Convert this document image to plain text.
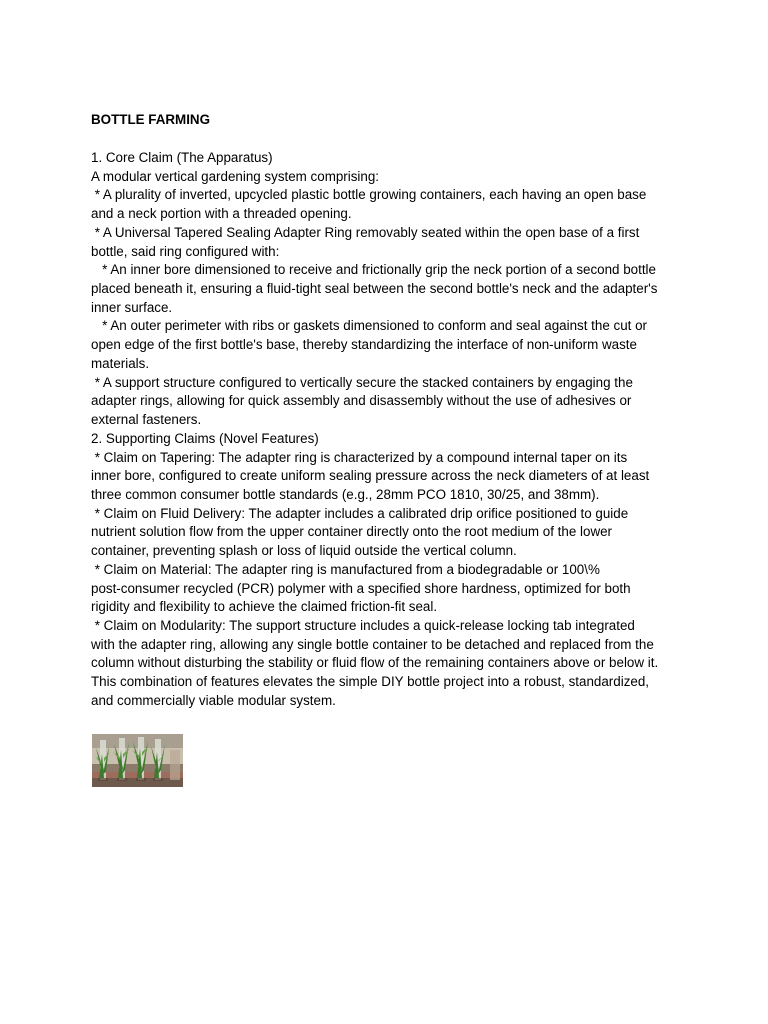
BOTTLE FARMING
1. Core Claim (The Apparatus)
A modular vertical gardening system comprising:
* A plurality of inverted, upcycled plastic bottle growing containers, each having an open base
and a neck portion with a threaded opening.
* A Universal Tapered Sealing Adapter Ring removably seated within the open base of a first
bottle, said ring configured with:
* An inner bore dimensioned to receive and frictionally grip the neck portion of a second bottle
placed beneath it, ensuring a fluid-tight seal between the second bottle's neck and the adapter's
inner surface.
* An outer perimeter with ribs or gaskets dimensioned to conform and seal against the cut or
open edge of the first bottle's base, thereby standardizing the interface of non-uniform waste
materials.
* A support structure configured to vertically secure the stacked containers by engaging the
adapter rings, allowing for quick assembly and disassembly without the use of adhesives or
external fasteners.
2. Supporting Claims (Novel Features)
* Claim on Tapering: The adapter ring is characterized by a compound internal taper on its
inner bore, configured to create uniform sealing pressure across the neck diameters of at least
three common consumer bottle standards (e.g., 28mm PCO 1810, 30/25, and 38mm).
* Claim on Fluid Delivery: The adapter includes a calibrated drip orifice positioned to guide
nutrient solution flow from the upper container directly onto the root medium of the lower
container, preventing splash or loss of liquid outside the vertical column.
* Claim on Material: The adapter ring is manufactured from a biodegradable or 100\%
post-consumer recycled (PCR) polymer with a specified shore hardness, optimized for both
rigidity and flexibility to achieve the claimed friction-fit seal.
* Claim on Modularity: The support structure includes a quick-release locking tab integrated
with the adapter ring, allowing any single bottle container to be detached and replaced from the
column without disturbing the stability or fluid flow of the remaining containers above or below it.
This combination of features elevates the simple DIY bottle project into a robust, standardized,
and commercially viable modular system.
